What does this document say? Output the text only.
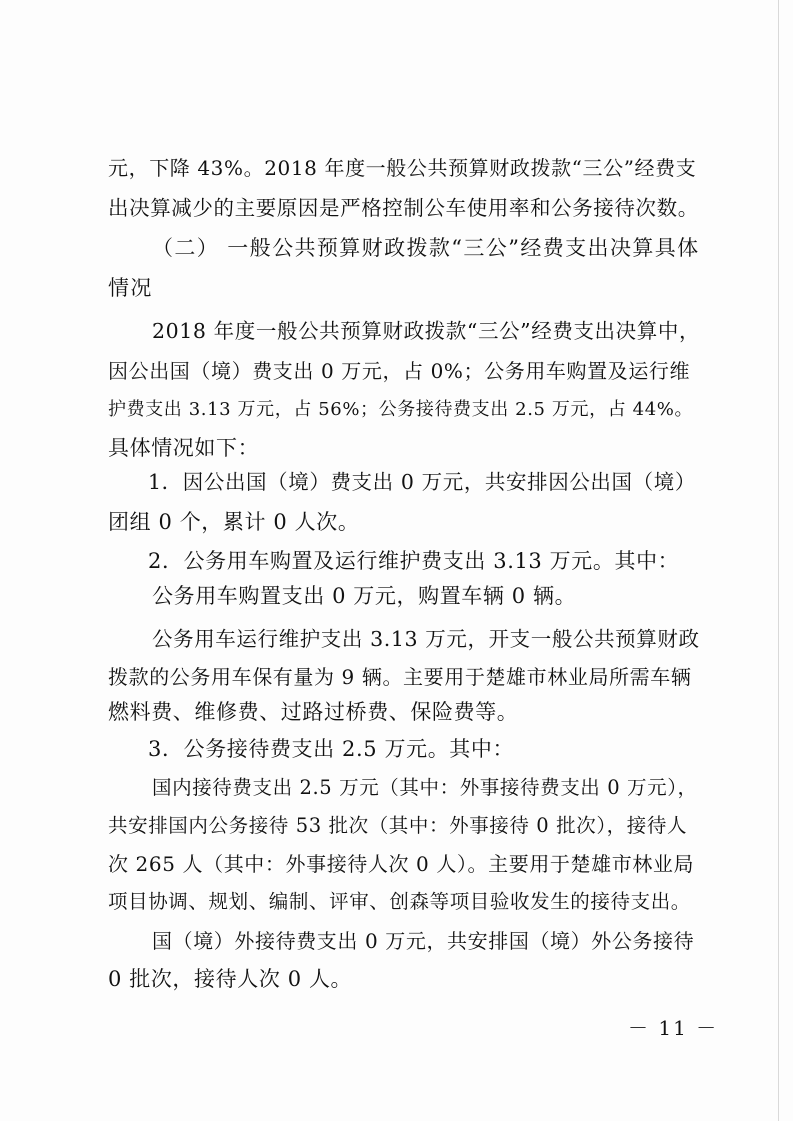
元，下降 43%。2018 年度一般公共预算财政拨款“三公”经费支
出决算减少的主要原因是严格控制公车使用率和公务接待次数。
（二） 一般公共预算财政拨款“三公”经费支出决算具体
情况
2018 年度一般公共预算财政拨款“三公”经费支出决算中，
因公出国（境）费支出 0 万元，占 0%；公务用车购置及运行维
护费支出 3.13 万元，占 56%；公务接待费支出 2.5 万元，占 44%。
具体情况如下：
1．因公出国（境）费支出 0 万元，共安排因公出国（境）
团组 0 个，累计 0 人次。
2．公务用车购置及运行维护费支出 3.13 万元。其中：
公务用车购置支出 0 万元，购置车辆 0 辆。
公务用车运行维护支出 3.13 万元，开支一般公共预算财政
拨款的公务用车保有量为 9 辆。主要用于楚雄市林业局所需车辆
燃料费、维修费、过路过桥费、保险费等。
3．公务接待费支出 2.5 万元。其中：
国内接待费支出 2.5 万元（其中：外事接待费支出 0 万元），
共安排国内公务接待 53 批次（其中：外事接待 0 批次），接待人
次 265 人（其中：外事接待人次 0 人）。主要用于楚雄市林业局
项目协调、规划、编制、评审、创森等项目验收发生的接待支出。
国（境）外接待费支出 0 万元，共安排国（境）外公务接待
0 批次，接待人次 0 人。
－ 11 －
